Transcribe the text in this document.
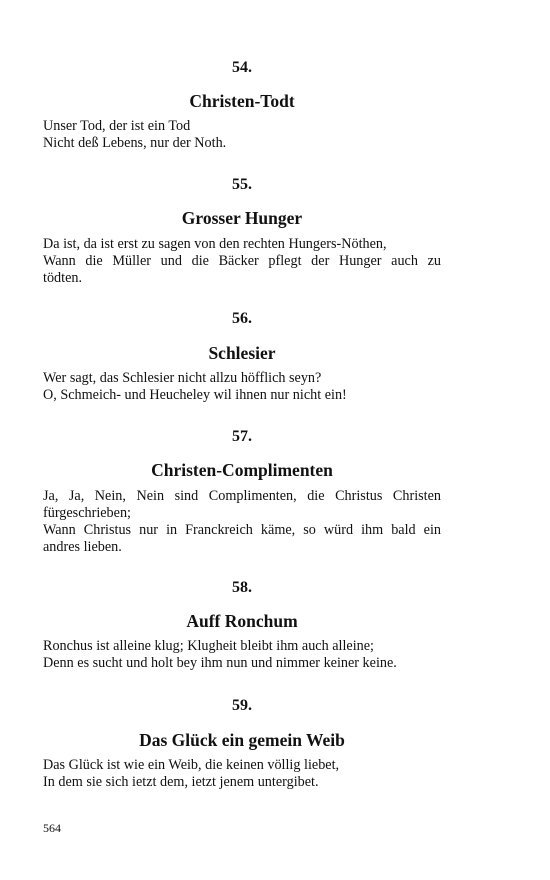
54.
Christen-Todt
Unser Tod, der ist ein Tod
Nicht deß Lebens, nur der Noth.
55.
Grosser Hunger
Da ist, da ist erst zu sagen von den rechten Hungers-Nöthen,
Wann die Müller und die Bäcker pflegt der Hunger auch zu
tödten.
56.
Schlesier
Wer sagt, das Schlesier nicht allzu höfflich seyn?
O, Schmeich- und Heucheley wil ihnen nur nicht ein!
57.
Christen-Complimenten
Ja, Ja, Nein, Nein sind Complimenten, die Christus Christen
fürgeschrieben;
Wann Christus nur in Franckreich käme, so würd ihm bald ein
andres lieben.
58.
Auff Ronchum
Ronchus ist alleine klug; Klugheit bleibt ihm auch alleine;
Denn es sucht und holt bey ihm nun und nimmer keiner keine.
59.
Das Glück ein gemein Weib
Das Glück ist wie ein Weib, die keinen völlig liebet,
In dem sie sich ietzt dem, ietzt jenem untergibet.
564
